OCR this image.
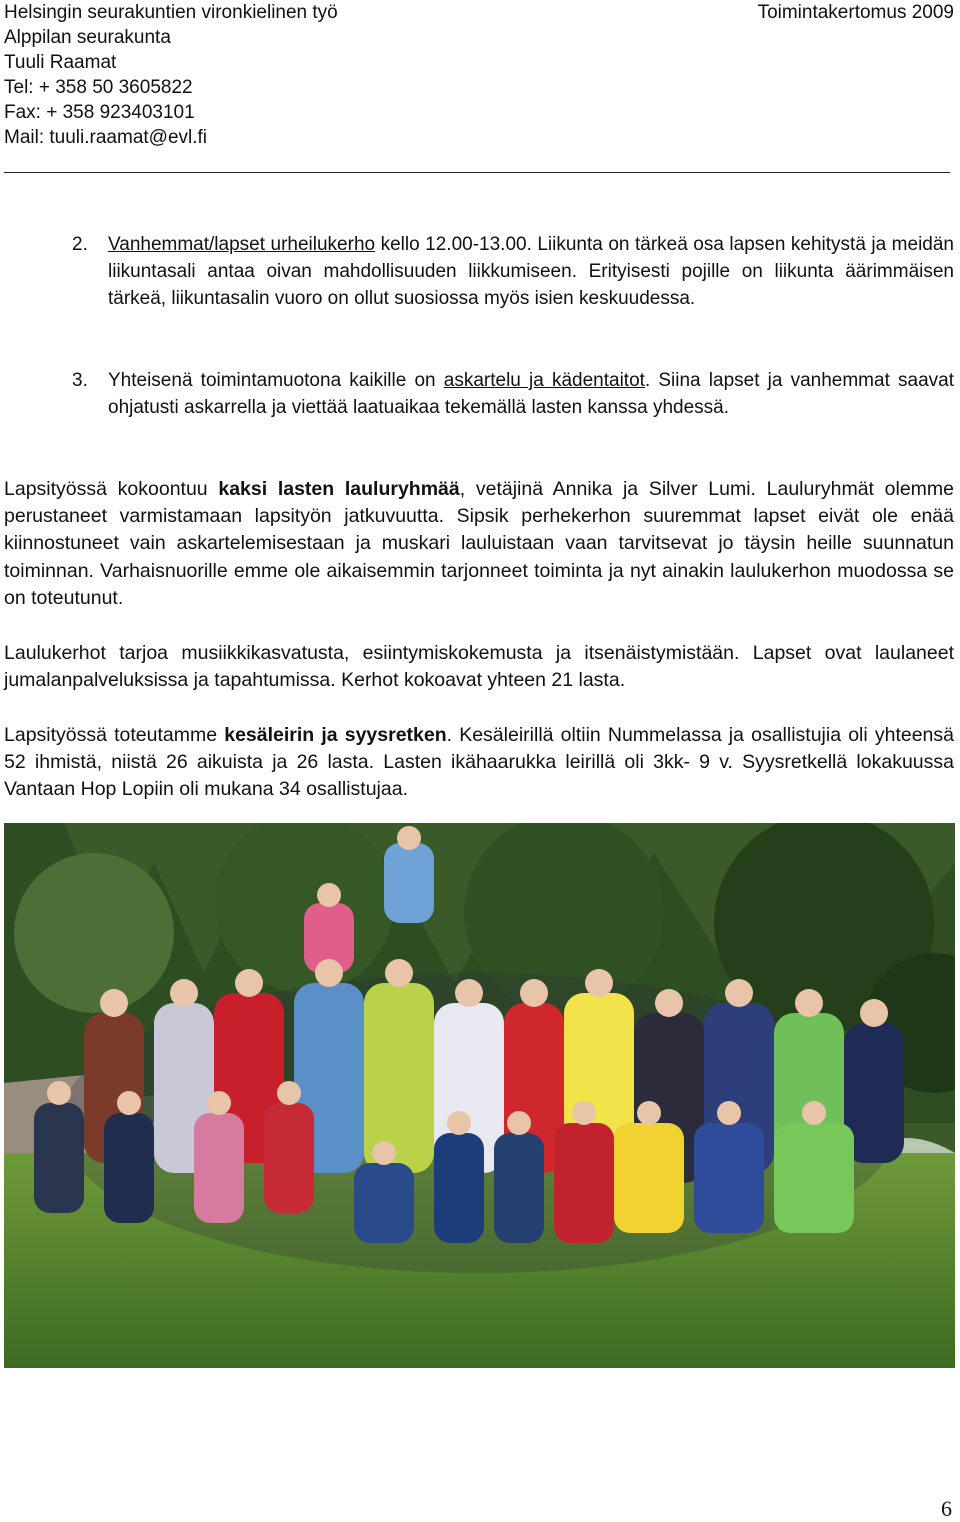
Helsingin seurakuntien vironkielinen työ	Toimintakertomus 2009
Alppilan seurakunta
Tuuli Raamat
Tel: + 358 50 3605822
Fax: + 358 923403101
Mail: tuuli.raamat@evl.fi
2. Vanhemmat/lapset urheilukerho kello 12.00-13.00. Liikunta on tärkeä osa lapsen kehitystä ja meidän liikuntasali antaa oivan mahdollisuuden liikkumiseen. Erityisesti pojille on liikunta äärimmäisen tärkeä, liikuntasalin vuoro on ollut suosiossa myös isien keskuudessa.
3. Yhteisenä toimintamuotona kaikille on askartelu ja kädentaitot. Siina lapset ja vanhemmat saavat ohjatusti askarrella ja viettää laatuaikaa tekemällä lasten kanssa yhdessä.
Lapsityössä kokoontuu kaksi lasten lauluryhmää, vetäjinä Annika ja Silver Lumi. Lauluryhmät olemme perustaneet varmistamaan lapsityön jatkuvuutta. Sipsik perhekerhon suuremmat lapset eivät ole enää kiinnostuneet vain askartelemisestaan ja muskari lauluistaan vaan tarvitsevat jo täysin heille suunnatun toiminnan. Varhaisnuorille emme ole aikaisemmin tarjonneet toiminta ja nyt ainakin laulukerhon muodossa se on toteutunut.
Laulukerhot tarjoa musiikkikasvatusta, esiintymiskokemusta ja itsenäistymistään. Lapset ovat laulaneet jumalanpalveluksissa ja tapahtumissa. Kerhot kokoavat yhteen 21 lasta.
Lapsityössä toteutamme kesäleirin ja syysretken. Kesäleirillä oltiin Nummelassa ja osallistujia oli yhteensä 52 ihmistä, niistä 26 aikuista ja 26 lasta. Lasten ikähaarukka leirillä oli 3kk- 9 v. Syysretkellä lokakuussa Vantaan Hop Lopiin oli mukana 34 osallistujaa.
6
